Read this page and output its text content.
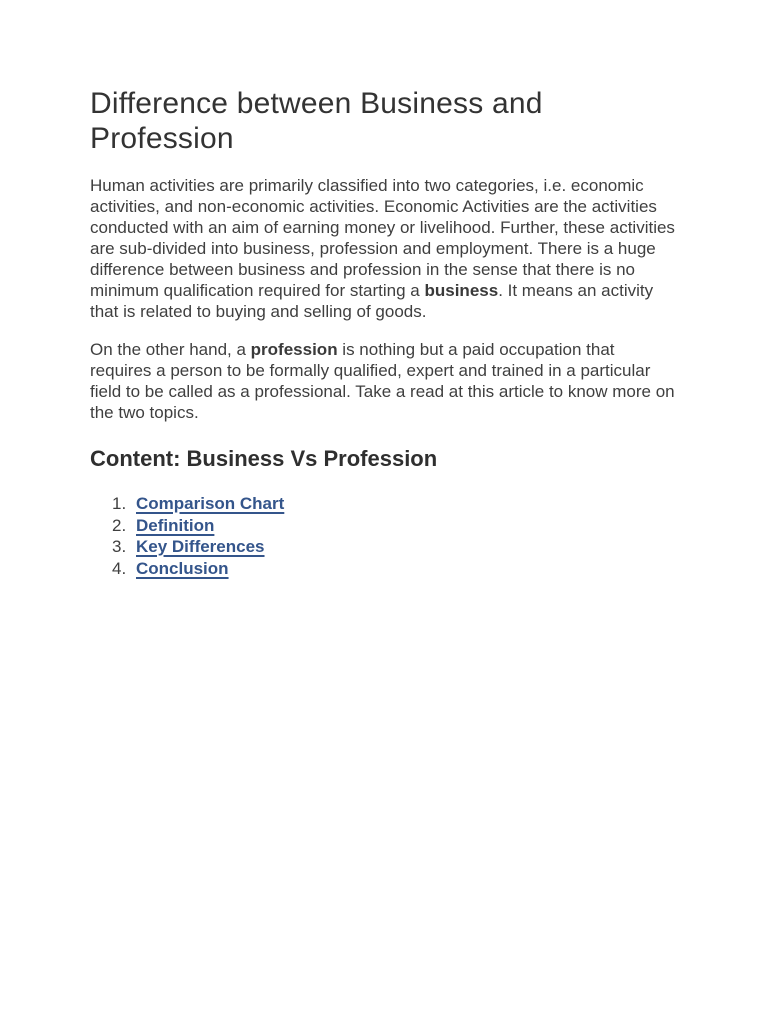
Difference between Business and Profession

Human activities are primarily classified into two categories, i.e. economic activities, and non-economic activities. Economic Activities are the activities conducted with an aim of earning money or livelihood. Further, these activities are sub-divided into business, profession and employment. There is a huge difference between business and profession in the sense that there is no minimum qualification required for starting a business. It means an activity that is related to buying and selling of goods.

On the other hand, a profession is nothing but a paid occupation that requires a person to be formally qualified, expert and trained in a particular field to be called as a professional. Take a read at this article to know more on the two topics.

Content: Business Vs Profession
1. Comparison Chart
2. Definition
3. Key Differences
4. Conclusion
